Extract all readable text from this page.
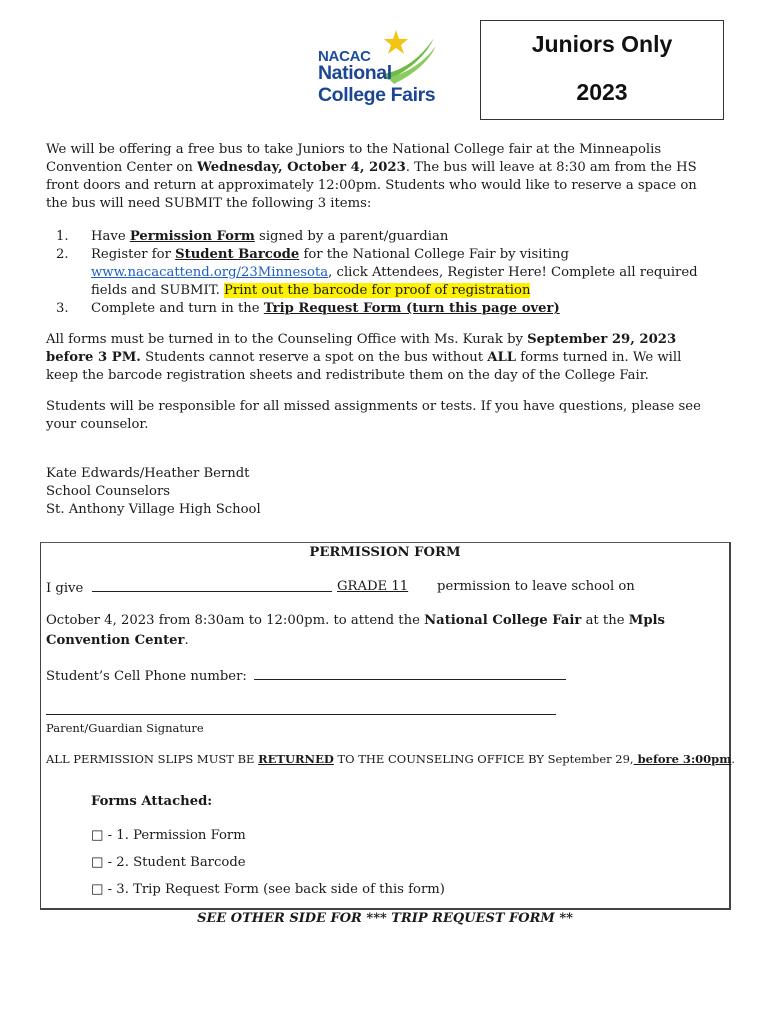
NACAC
National
College Fairs
Juniors Only
2023

We will be offering a free bus to take Juniors to the National College fair at the Minneapolis Convention Center on Wednesday, October 4, 2023. The bus will leave at 8:30 am from the HS front doors and return at approximately 12:00pm. Students who would like to reserve a space on the bus will need SUBMIT the following 3 items:

1. Have Permission Form signed by a parent/guardian
2. Register for Student Barcode for the National College Fair by visiting www.nacacattend.org/23Minnesota, click Attendees, Register Here! Complete all required fields and SUBMIT. Print out the barcode for proof of registration
3. Complete and turn in the Trip Request Form (turn this page over)

All forms must be turned in to the Counseling Office with Ms. Kurak by September 29, 2023 before 3 PM. Students cannot reserve a spot on the bus without ALL forms turned in. We will keep the barcode registration sheets and redistribute them on the day of the College Fair.

Students will be responsible for all missed assignments or tests. If you have questions, please see your counselor.

Kate Edwards/Heather Berndt
School Counselors
St. Anthony Village High School
PERMISSION FORM
I give	GRADE 11 permission to leave school on
October 4, 2023 from 8:30am to 12:00pm. to attend the National College Fair at the Mpls Convention Center.
Student’s Cell Phone number:
Parent/Guardian Signature
ALL PERMISSION SLIPS MUST BE RETURNED TO THE COUNSELING OFFICE BY September 29, before 3:00pm.
Forms Attached:
□ - 1. Permission Form
□ - 2. Student Barcode
□ - 3. Trip Request Form (see back side of this form)
SEE OTHER SIDE FOR *** TRIP REQUEST FORM **
